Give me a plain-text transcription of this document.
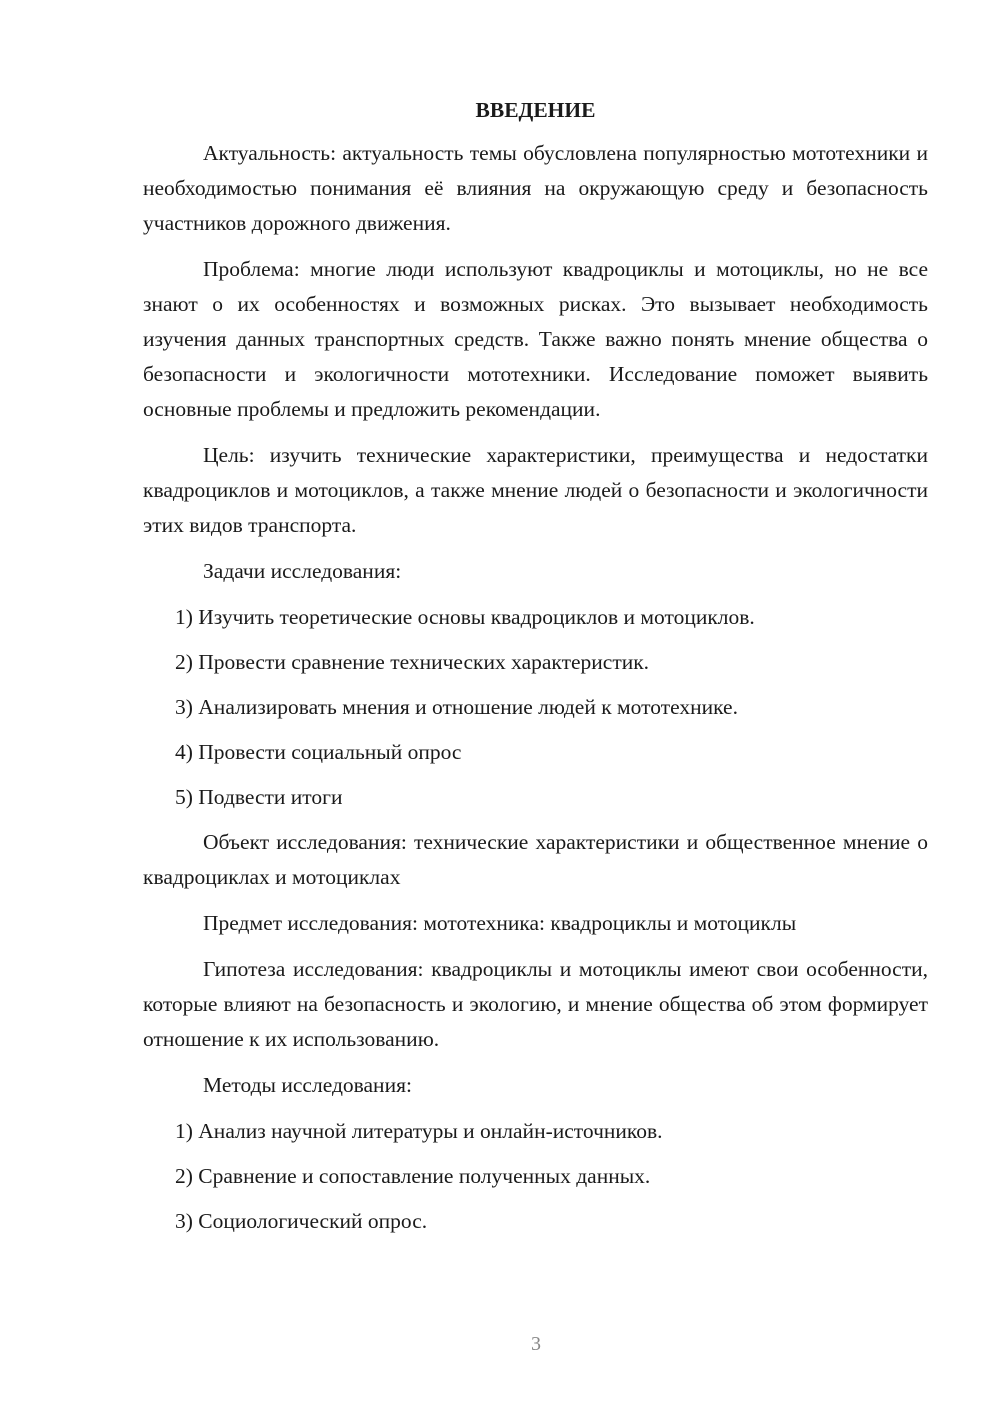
ВВЕДЕНИЕ

Актуальность: актуальность темы обусловлена популярностью мототехники и необходимостью понимания её влияния на окружающую среду и безопасность участников дорожного движения.

Проблема: многие люди используют квадроциклы и мотоциклы, но не все знают о их особенностях и возможных рисках. Это вызывает необходимость изучения данных транспортных средств. Также важно понять мнение общества о безопасности и экологичности мототехники. Исследование поможет выявить основные проблемы и предложить рекомендации.

Цель: изучить технические характеристики, преимущества и недостатки квадроциклов и мотоциклов, а также мнение людей о безопасности и экологичности этих видов транспорта.

Задачи исследования:

1) Изучить теоретические основы квадроциклов и мотоциклов.
2) Провести сравнение технических характеристик.
3) Анализировать мнения и отношение людей к мототехнике.
4) Провести социальный опрос
5) Подвести итоги

Объект исследования: технические характеристики и общественное мнение о квадроциклах и мотоциклах

Предмет исследования: мототехника: квадроциклы и мотоциклы

Гипотеза исследования: квадроциклы и мотоциклы имеют свои особенности, которые влияют на безопасность и экологию, и мнение общества об этом формирует отношение к их использованию.

Методы исследования:

1) Анализ научной литературы и онлайн-источников.
2) Сравнение и сопоставление полученных данных.
3) Социологический опрос.
3
